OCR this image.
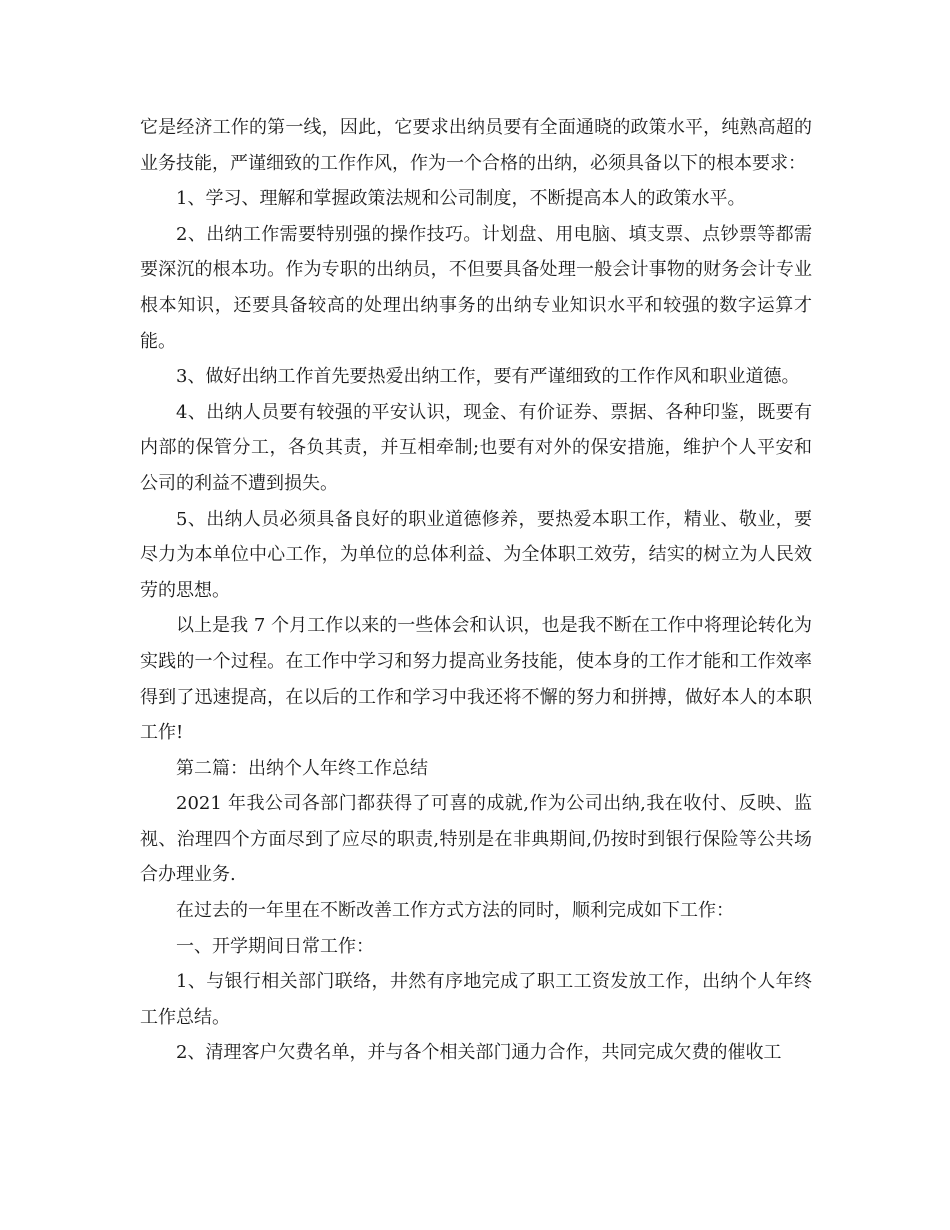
它是经济工作的第一线，因此，它要求出纳员要有全面通晓的政策水平，纯熟高超的业务技能，严谨细致的工作作风，作为一个合格的出纳，必须具备以下的根本要求：

1、学习、理解和掌握政策法规和公司制度，不断提高本人的政策水平。

2、出纳工作需要特别强的操作技巧。计划盘、用电脑、填支票、点钞票等都需要深沉的根本功。作为专职的出纳员，不但要具备处理一般会计事物的财务会计专业根本知识，还要具备较高的处理出纳事务的出纳专业知识水平和较强的数字运算才能。

3、做好出纳工作首先要热爱出纳工作，要有严谨细致的工作作风和职业道德。

4、出纳人员要有较强的平安认识，现金、有价证券、票据、各种印鉴，既要有内部的保管分工，各负其责，并互相牵制;也要有对外的保安措施，维护个人平安和公司的利益不遭到损失。

5、出纳人员必须具备良好的职业道德修养，要热爱本职工作，精业、敬业，要尽力为本单位中心工作，为单位的总体利益、为全体职工效劳，结实的树立为人民效劳的思想。

以上是我 7 个月工作以来的一些体会和认识，也是我不断在工作中将理论转化为实践的一个过程。在工作中学习和努力提高业务技能，使本身的工作才能和工作效率得到了迅速提高，在以后的工作和学习中我还将不懈的努力和拼搏，做好本人的本职工作!

第二篇：出纳个人年终工作总结

2021 年我公司各部门都获得了可喜的成就,作为公司出纳,我在收付、反映、监视、治理四个方面尽到了应尽的职责,特别是在非典期间,仍按时到银行保险等公共场合办理业务.

在过去的一年里在不断改善工作方式方法的同时，顺利完成如下工作：

一、开学期间日常工作：

1、与银行相关部门联络，井然有序地完成了职工工资发放工作，出纳个人年终工作总结。

2、清理客户欠费名单，并与各个相关部门通力合作，共同完成欠费的催收工
